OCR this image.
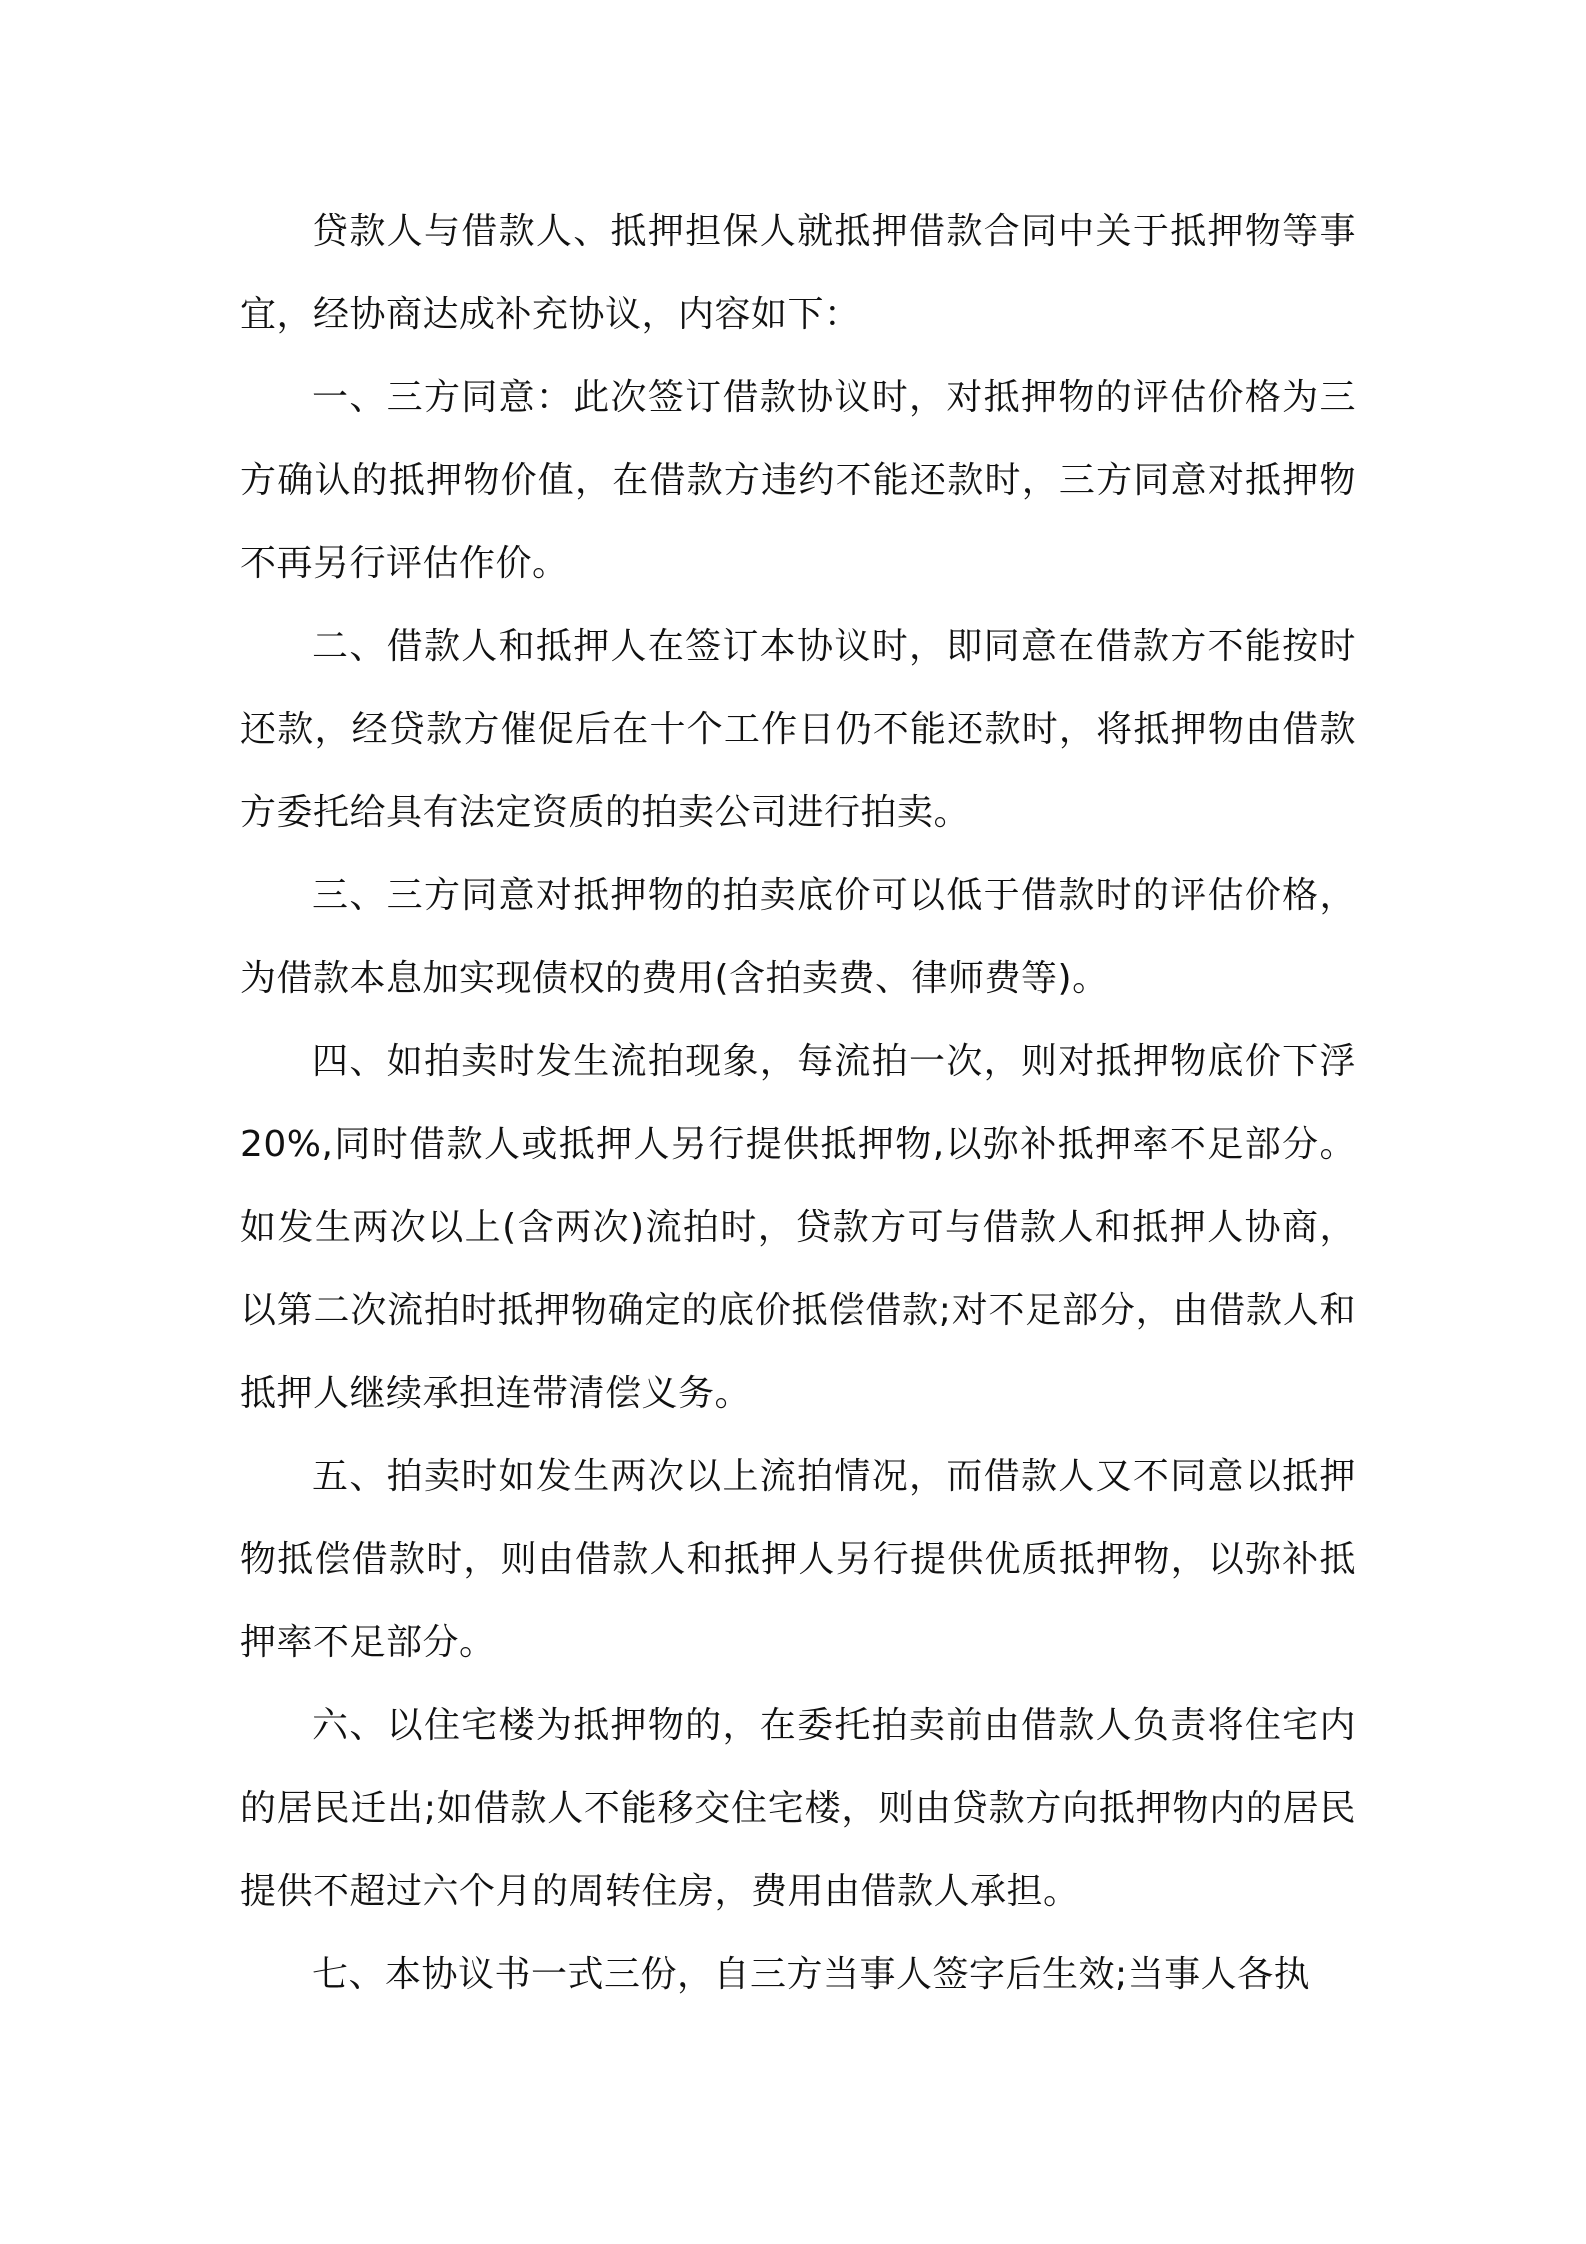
贷款人与借款人、抵押担保人就抵押借款合同中关于抵押物等事宜，经协商达成补充协议，内容如下：

一、三方同意：此次签订借款协议时，对抵押物的评估价格为三方确认的抵押物价值，在借款方违约不能还款时，三方同意对抵押物不再另行评估作价。

二、借款人和抵押人在签订本协议时，即同意在借款方不能按时还款，经贷款方催促后在十个工作日仍不能还款时，将抵押物由借款方委托给具有法定资质的拍卖公司进行拍卖。

三、三方同意对抵押物的拍卖底价可以低于借款时的评估价格，为借款本息加实现债权的费用(含拍卖费、律师费等)。

四、如拍卖时发生流拍现象，每流拍一次，则对抵押物底价下浮20%,同时借款人或抵押人另行提供抵押物,以弥补抵押率不足部分。如发生两次以上(含两次)流拍时，贷款方可与借款人和抵押人协商，以第二次流拍时抵押物确定的底价抵偿借款;对不足部分，由借款人和抵押人继续承担连带清偿义务。

五、拍卖时如发生两次以上流拍情况，而借款人又不同意以抵押物抵偿借款时，则由借款人和抵押人另行提供优质抵押物，以弥补抵押率不足部分。

六、以住宅楼为抵押物的，在委托拍卖前由借款人负责将住宅内的居民迁出;如借款人不能移交住宅楼，则由贷款方向抵押物内的居民提供不超过六个月的周转住房，费用由借款人承担。

七、本协议书一式三份，自三方当事人签字后生效;当事人各执
